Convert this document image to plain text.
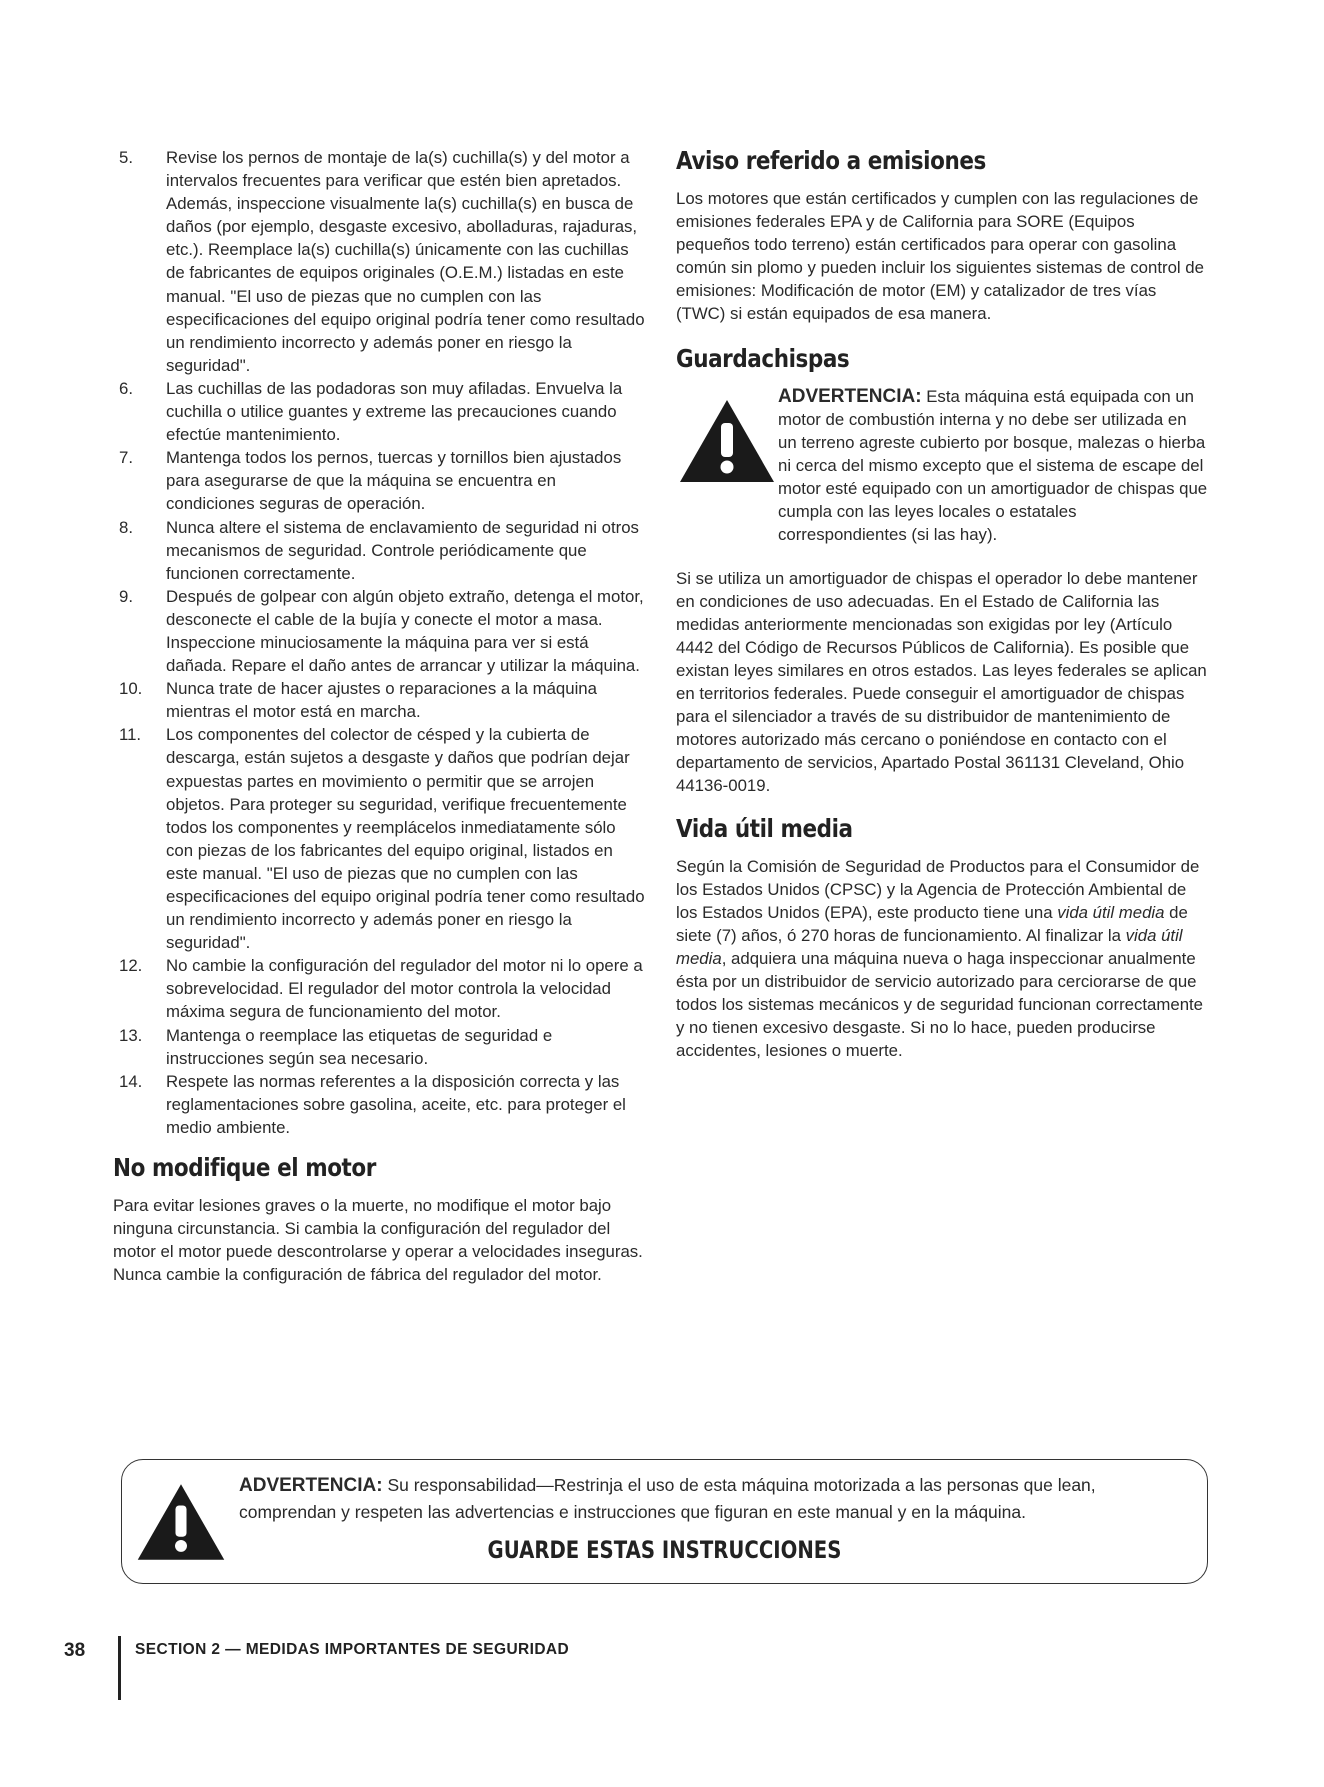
5.	Revise los pernos de montaje de la(s) cuchilla(s) y del motor a intervalos frecuentes para verificar que estén bien apretados. Además, inspeccione visualmente la(s) cuchilla(s) en busca de daños (por ejemplo, desgaste excesivo, abolladuras, rajaduras, etc.). Reemplace la(s) cuchilla(s) únicamente con las cuchillas de fabricantes de equipos originales (O.E.M.) listadas en este manual. "El uso de piezas que no cumplen con las especificaciones del equipo original podría tener como resultado un rendimiento incorrecto y además poner en riesgo la seguridad".
6.	Las cuchillas de las podadoras son muy afiladas. Envuelva la cuchilla o utilice guantes y extreme las precauciones cuando efectúe mantenimiento.
7.	Mantenga todos los pernos, tuercas y tornillos bien ajustados para asegurarse de que la máquina se encuentra en condiciones seguras de operación.
8.	Nunca altere el sistema de enclavamiento de seguridad ni otros mecanismos de seguridad. Controle periódicamente que funcionen correctamente.
9.	Después de golpear con algún objeto extraño, detenga el motor, desconecte el cable de la bujía y conecte el motor a masa. Inspeccione minuciosamente la máquina para ver si está dañada. Repare el daño antes de arrancar y utilizar la máquina.
10.	Nunca trate de hacer ajustes o reparaciones a la máquina mientras el motor está en marcha.
11.	Los componentes del colector de césped y la cubierta de descarga, están sujetos a desgaste y daños que podrían dejar expuestas partes en movimiento o permitir que se arrojen objetos. Para proteger su seguridad, verifique frecuentemente todos los componentes y reemplácelos inmediatamente sólo con piezas de los fabricantes del equipo original, listados en este manual. "El uso de piezas que no cumplen con las especificaciones del equipo original podría tener como resultado un rendimiento incorrecto y además poner en riesgo la seguridad".
12.	No cambie la configuración del regulador del motor ni lo opere a sobrevelocidad. El regulador del motor controla la velocidad máxima segura de funcionamiento del motor.
13.	Mantenga o reemplace las etiquetas de seguridad e instrucciones según sea necesario.
14.	Respete las normas referentes a la disposición correcta y las reglamentaciones sobre gasolina, aceite, etc. para proteger el medio ambiente.
No modifique el motor

Para evitar lesiones graves o la muerte, no modifique el motor bajo ninguna circunstancia. Si cambia la configuración del regulador del motor el motor puede descontrolarse y operar a velocidades inseguras. Nunca cambie la configuración de fábrica del regulador del motor.

Aviso referido a emisiones

Los motores que están certificados y cumplen con las regulaciones de emisiones federales EPA y de California para SORE (Equipos pequeños todo terreno) están certificados para operar con gasolina común sin plomo y pueden incluir los siguientes sistemas de control de emisiones: Modificación de motor (EM) y catalizador de tres vías (TWC) si están equipados de esa manera.

Guardachispas
ADVERTENCIA: Esta máquina está equipada con un motor de combustión interna y no debe ser utilizada en un terreno agreste cubierto por bosque, malezas o hierba ni cerca del mismo excepto que el sistema de escape del motor esté equipado con un amortiguador de chispas que cumpla con las leyes locales o estatales correspondientes (si las hay).

Si se utiliza un amortiguador de chispas el operador lo debe mantener en condiciones de uso adecuadas. En el Estado de California las medidas anteriormente mencionadas son exigidas por ley (Artículo 4442 del Código de Recursos Públicos de California). Es posible que existan leyes similares en otros estados. Las leyes federales se aplican en territorios federales. Puede conseguir el amortiguador de chispas para el silenciador a través de su distribuidor de mantenimiento de motores autorizado más cercano o poniéndose en contacto con el departamento de servicios, Apartado Postal 361131 Cleveland, Ohio 44136-0019.

Vida útil media

Según la Comisión de Seguridad de Productos para el Consumidor de los Estados Unidos (CPSC) y la Agencia de Protección Ambiental de los Estados Unidos (EPA), este producto tiene una vida útil media de siete (7) años, ó 270 horas de funcionamiento. Al finalizar la vida útil media, adquiera una máquina nueva o haga inspeccionar anualmente ésta por un distribuidor de servicio autorizado para cerciorarse de que todos los sistemas mecánicos y de seguridad funcionan correctamente y no tienen excesivo desgaste. Si no lo hace, pueden producirse accidentes, lesiones o muerte.

ADVERTENCIA: Su responsabilidad—Restrinja el uso de esta máquina motorizada a las personas que lean, comprendan y respeten las advertencias e instrucciones que figuran en este manual y en la máquina.
GUARDE ESTAS INSTRUCCIONES
38	SECTION 2 — MEDIDAS IMPORTANTES DE SEGURIDAD
